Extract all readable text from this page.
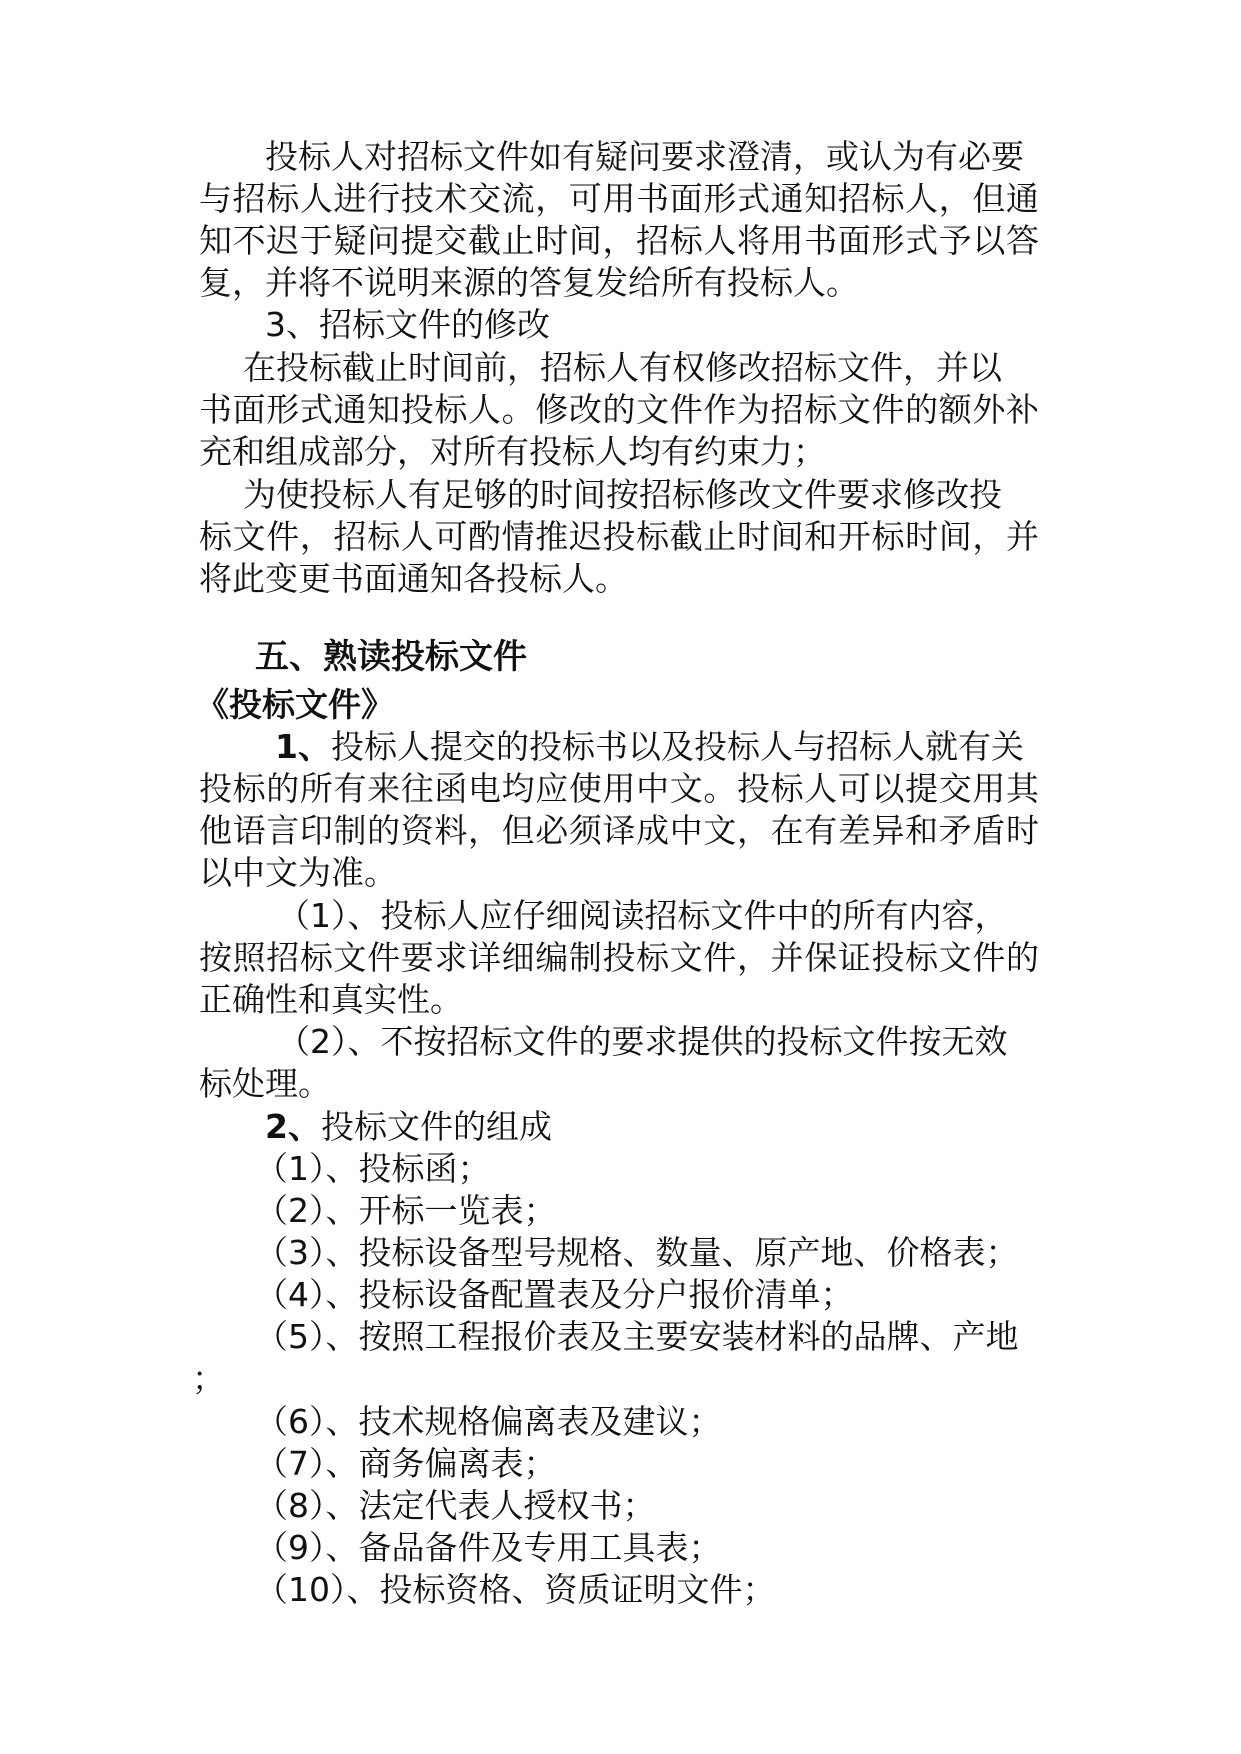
投标人对招标文件如有疑问要求澄清，或认为有必要
与招标人进行技术交流，可用书面形式通知招标人，但通
知不迟于疑问提交截止时间，招标人将用书面形式予以答
复，并将不说明来源的答复发给所有投标人。
3、招标文件的修改
在投标截止时间前，招标人有权修改招标文件，并以
书面形式通知投标人。修改的文件作为招标文件的额外补
充和组成部分，对所有投标人均有约束力；
为使投标人有足够的时间按招标修改文件要求修改投
标文件，招标人可酌情推迟投标截止时间和开标时间，并
将此变更书面通知各投标人。
五、熟读投标文件
《投标文件》
1、投标人提交的投标书以及投标人与招标人就有关
投标的所有来往函电均应使用中文。投标人可以提交用其
他语言印制的资料，但必须译成中文，在有差异和矛盾时
以中文为准。
（1）、投标人应仔细阅读招标文件中的所有内容，
按照招标文件要求详细编制投标文件，并保证投标文件的
正确性和真实性。
（2）、不按招标文件的要求提供的投标文件按无效
标处理。
2、投标文件的组成
（1）、投标函；
（2）、开标一览表；
（3）、投标设备型号规格、数量、原产地、价格表；
（4）、投标设备配置表及分户报价清单；
（5）、按照工程报价表及主要安装材料的品牌、产地
；
（6）、技术规格偏离表及建议；
（7）、商务偏离表；
（8）、法定代表人授权书；
（9）、备品备件及专用工具表；
（10）、投标资格、资质证明文件；
